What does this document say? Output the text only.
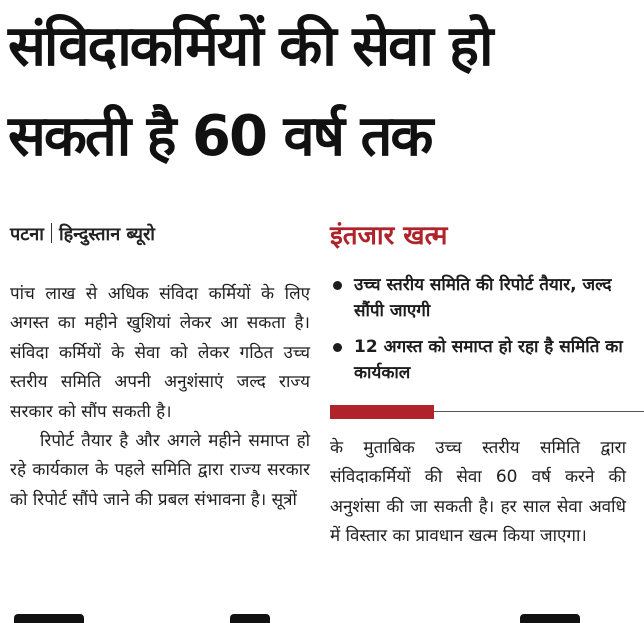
संविदाकर्मियों की सेवा हो
सकती है 60 वर्ष तक
पटना हिन्दुस्तान ब्यूरो

पांच लाख से अधिक संविदा कर्मियों के लिए अगस्त का महीने खुशियां लेकर आ सकता है। संविदा कर्मियों के सेवा को लेकर गठित उच्च स्तरीय समिति अपनी अनुशंसाएं जल्द राज्य सरकार को सौंप सकती है।

रिपोर्ट तैयार है और अगले महीने समाप्त हो रहे कार्यकाल के पहले समिति द्वारा राज्य सरकार को रिपोर्ट सौंपे जाने की प्रबल संभावना है। सूत्रों

इंतजार खत्म
उच्च स्तरीय समिति की रिपोर्ट तैयार, जल्द सौंपी जाएगी
12 अगस्त को समाप्त हो रहा है समिति का कार्यकाल

के मुताबिक उच्च स्तरीय समिति द्वारा संविदाकर्मियों की सेवा 60 वर्ष करने की अनुशंसा की जा सकती है। हर साल सेवा अवधि में विस्तार का प्रावधान खत्म किया जाएगा।
